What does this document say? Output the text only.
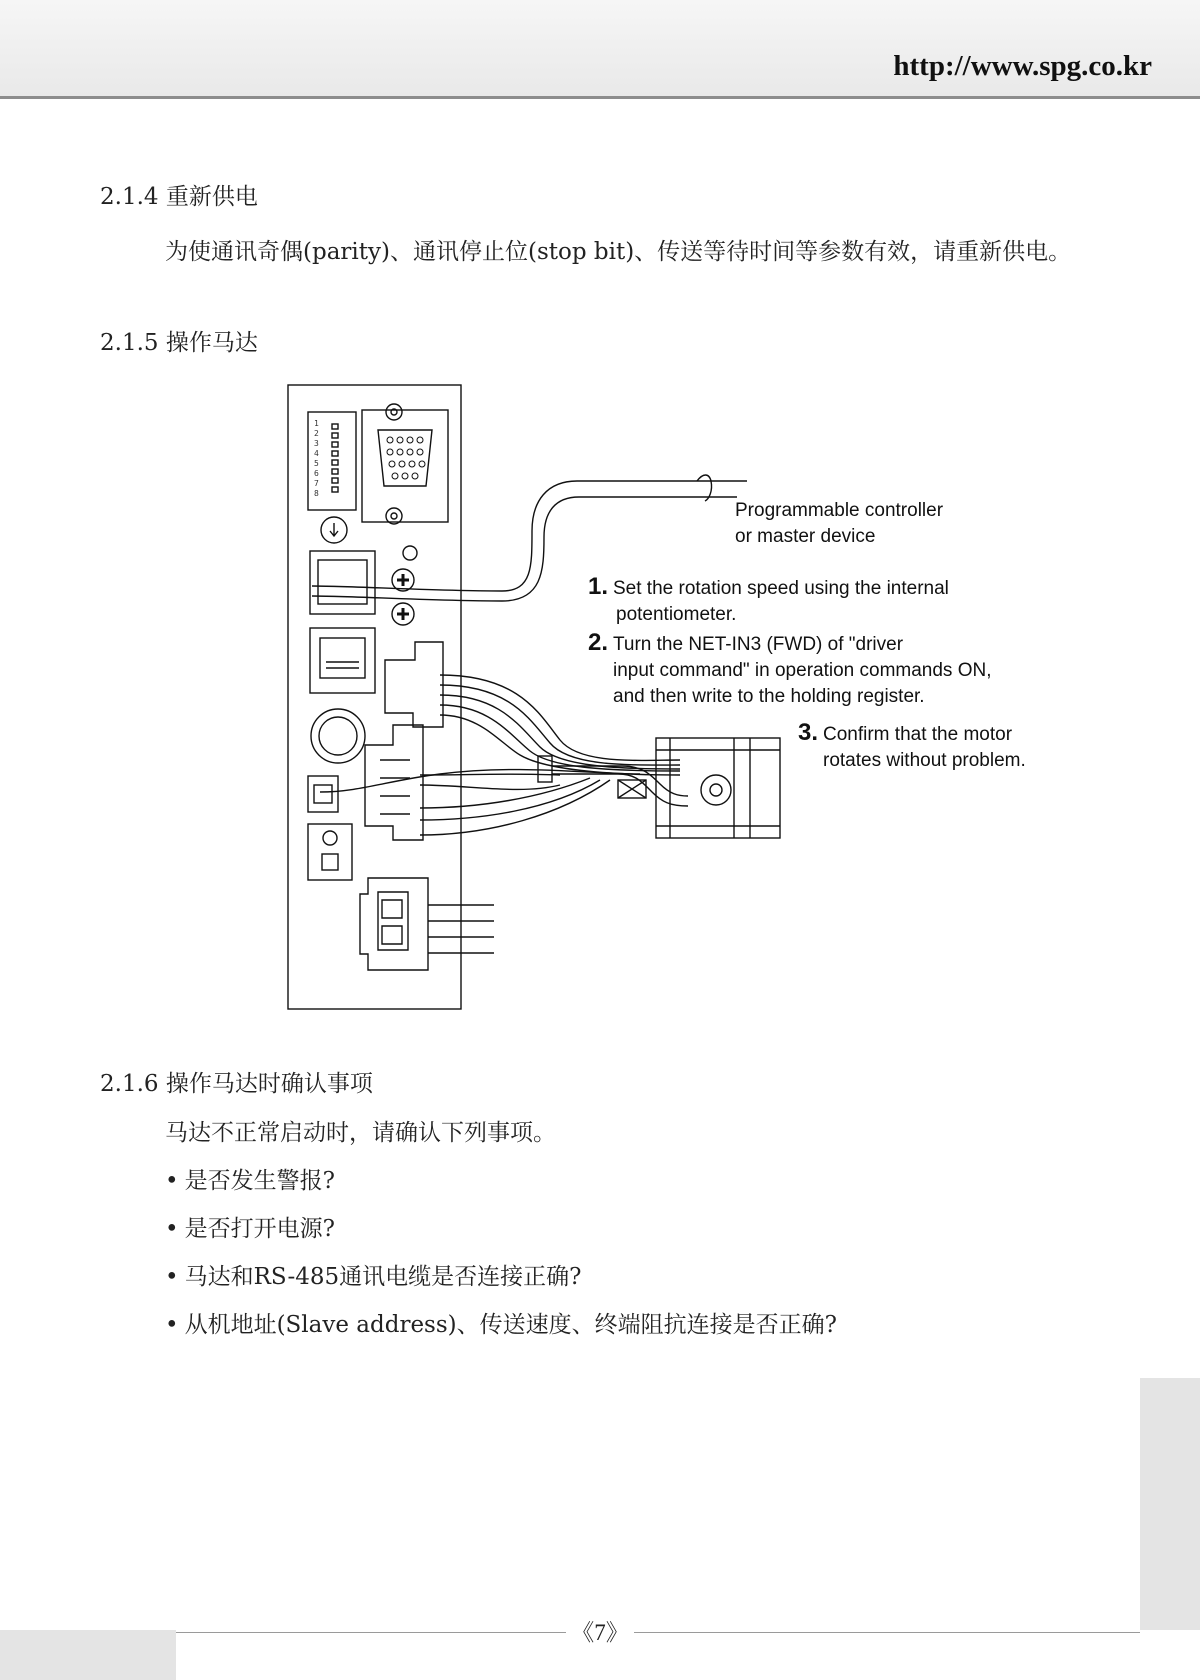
http://www.spg.co.kr
2.1.4 重新供电
为使通讯奇偶(parity)、通讯停止位(stop bit)、传送等待时间等参数有效，请重新供电。
2.1.5 操作马达
1
2
3
4
5
6
7
8
Programmable controller
or master device
1. Set the rotation speed using the internal
potentiometer.
2. Turn the NET-IN3 (FWD) of "driver
input command" in operation commands ON,
and then write to the holding register.
3. Confirm that the motor
rotates without problem.
2.1.6 操作马达时确认事项
马达不正常启动时，请确认下列事项。
• 是否发生警报?
• 是否打开电源?
• 马达和RS-485通讯电缆是否连接正确?
• 从机地址(Slave address)、传送速度、终端阻抗连接是否正确?
《7》
